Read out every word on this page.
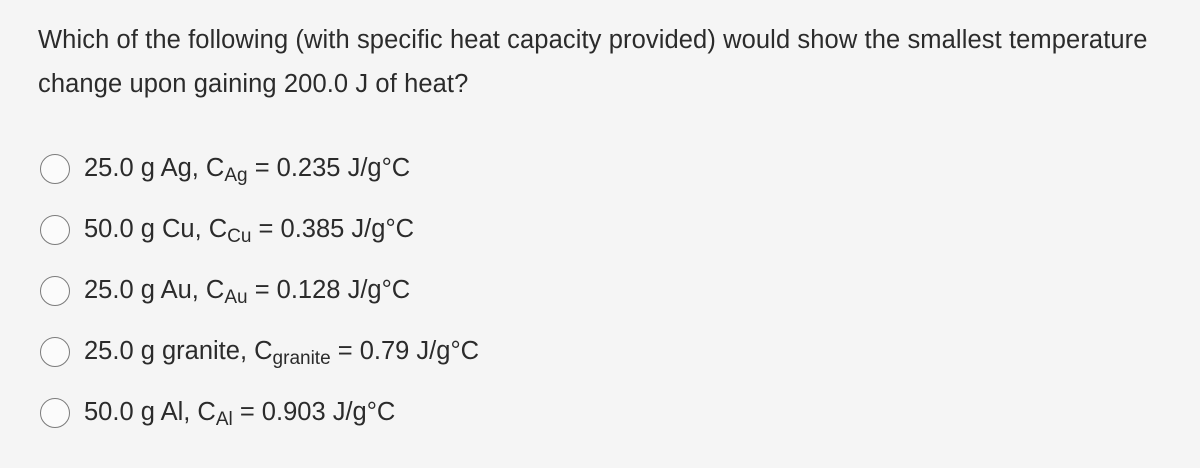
Which of the following (with specific heat capacity provided) would show the smallest temperature change upon gaining 200.0 J of heat?

25.0 g Ag, $C_{Ag} = 0.235$ J/g°C
50.0 g Cu, $C_{Cu} = 0.385$ J/g°C
25.0 g Au, $C_{Au} = 0.128$ J/g°C
25.0 g granite, $C_{granite} = 0.79$ J/g°C
50.0 g Al, $C_{Al} = 0.903$ J/g°C
